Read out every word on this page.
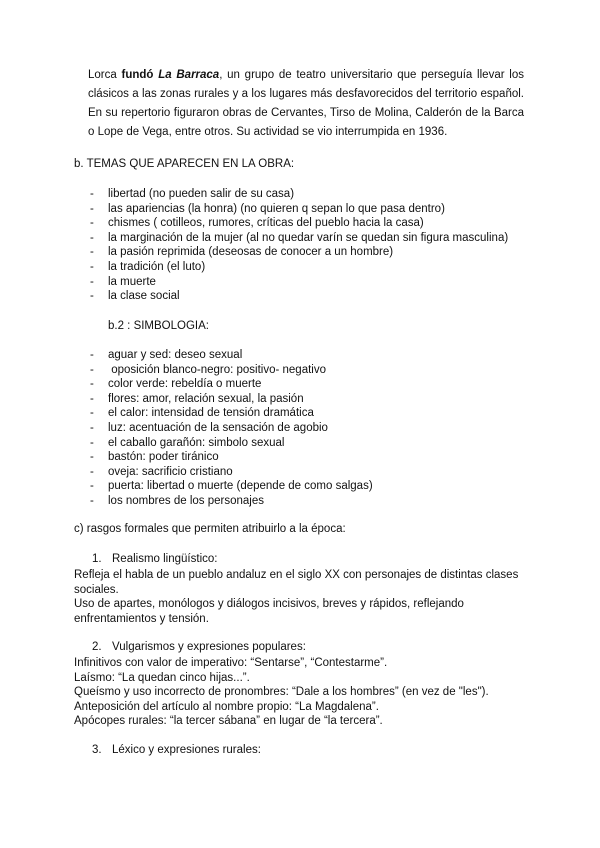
Lorca fundó La Barraca, un grupo de teatro universitario que perseguía llevar los clásicos a las zonas rurales y a los lugares más desfavorecidos del territorio español. En su repertorio figuraron obras de Cervantes, Tirso de Molina, Calderón de la Barca o Lope de Vega, entre otros. Su actividad se vio interrumpida en 1936.

b. TEMAS QUE APARECEN EN LA OBRA:

- libertad (no pueden salir de su casa)
- las apariencias (la honra) (no quieren q sepan lo que pasa dentro)
- chismes ( cotilleos, rumores, críticas del pueblo hacia la casa)
- la marginación de la mujer (al no quedar varín se quedan sin figura masculina)
- la pasión reprimida (deseosas de conocer a un hombre)
- la tradición (el luto)
- la muerte
- la clase social

b.2 : SIMBOLOGIA:

- aguar y sed: deseo sexual
- oposición blanco-negro: positivo- negativo
- color verde: rebeldía o muerte
- flores: amor, relación sexual, la pasión
- el calor: intensidad de tensión dramática
- luz: acentuación de la sensación de agobio
- el caballo garañón: simbolo sexual
- bastón: poder tiránico
- oveja: sacrificio cristiano
- puerta: libertad o muerte (depende de como salgas)
- los nombres de los personajes

c) rasgos formales que permiten atribuirlo a la época:

1. Realismo lingüístico:

Refleja el habla de un pueblo andaluz en el siglo XX con personajes de distintas clases sociales.

Uso de apartes, monólogos y diálogos incisivos, breves y rápidos, reflejando enfrentamientos y tensión.

2. Vulgarismos y expresiones populares:

Infinitivos con valor de imperativo: “Sentarse”, “Contestarme”.

Laísmo: “La quedan cinco hijas...”.

Queísmo y uso incorrecto de pronombres: “Dale a los hombres” (en vez de "les").

Anteposición del artículo al nombre propio: “La Magdalena”.

Apócopes rurales: “la tercer sábana” en lugar de “la tercera”.

3. Léxico y expresiones rurales:
